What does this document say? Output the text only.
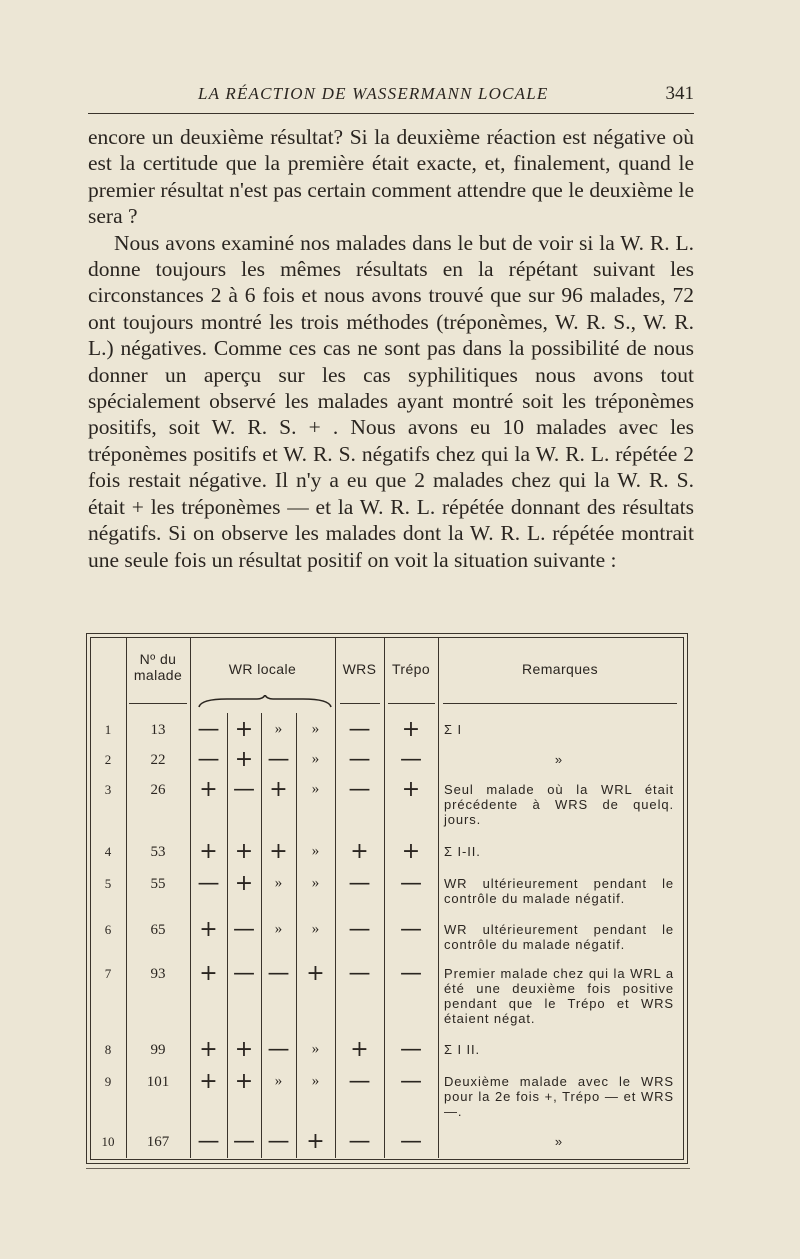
LA RÉACTION DE WASSERMANN LOCALE	341

encore un deuxième résultat? Si la deuxième réaction est négative où est la certitude que la première était exacte, et, finalement, quand le premier résultat n'est pas certain comment attendre que le deuxième le sera ?

Nous avons examiné nos malades dans le but de voir si la W. R. L. donne toujours les mêmes résultats en la répétant suivant les circonstances 2 à 6 fois et nous avons trouvé que sur 96 malades, 72 ont toujours montré les trois méthodes (tréponèmes, W. R. S., W. R. L.) négatives. Comme ces cas ne sont pas dans la possibilité de nous donner un aperçu sur les cas syphilitiques nous avons tout spécialement observé les malades ayant montré soit les tréponèmes positifs, soit W. R. S. + . Nous avons eu 10 malades avec les tréponèmes positifs et W. R. S. négatifs chez qui la W. R. L. répétée 2 fois restait négative. Il n'y a eu que 2 malades chez qui la W. R. S. était + les tréponèmes — et la W. R. L. répétée donnant des résultats négatifs. Si on observe les malades dont la W. R. L. répétée montrait une seule fois un résultat positif on voit la situation suivante :

Nº du
malade	WR locale	WRS	Trépo	Remarques
1	13	— +	»	»	—	+	Σ I
2	22	— + —	»	—	—	»
3	26	+ — +	»	—	+	Seul malade où la WRL était précédente à WRS de quelq. jours.
4	53	+ + +	»	+	+	Σ I-II.
5	55	— +	»	»	—	—	WR ultérieurement pendant le contrôle du malade négatif.
6	65	+ —	»	»	—	—	WR ultérieurement pendant le contrôle du malade négatif.
7	93	+ — — +	—	—	Premier malade chez qui la WRL a été une deuxième fois positive pendant que le Trépo et WRS étaient négat.
8	99	+ + —	»	+	—	Σ I II.
9	101	+ +	»	»	—	—	Deuxième malade avec le WRS pour la 2e fois +, Trépo — et WRS —.
10	167	— — — +	—	—	»
